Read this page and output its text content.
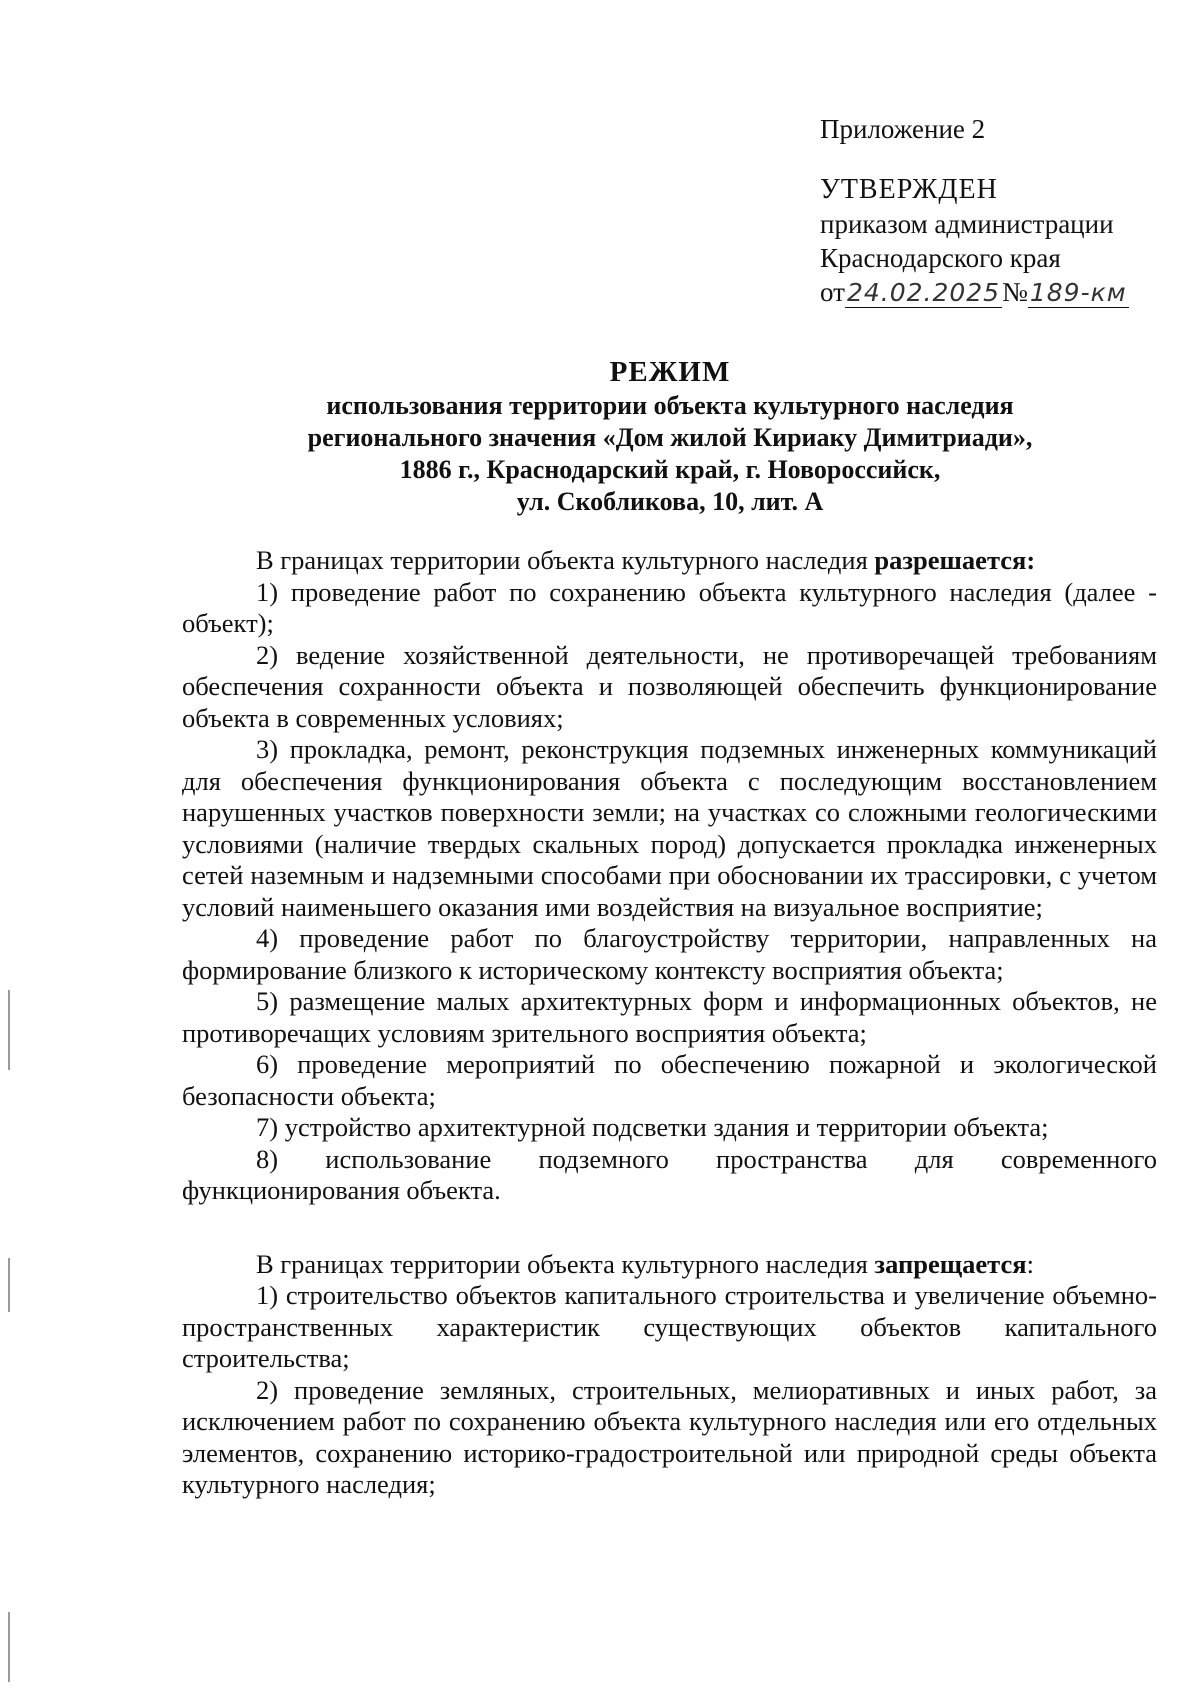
Приложение 2
УТВЕРЖДЕН
приказом администрации
Краснодарского края
от24.02.2025№189-км
РЕЖИМ
использования территории объекта культурного наследия
регионального значения «Дом жилой Кириаку Димитриади»,
1886 г., Краснодарский край, г. Новороссийск,
ул. Скобликова, 10, лит. А

В границах территории объекта культурного наследия разрешается:

1) проведение работ по сохранению объекта культурного наследия (далее - объект);

2) ведение хозяйственной деятельности, не противоречащей требованиям обеспечения сохранности объекта и позволяющей обеспечить функционирование объекта в современных условиях;

3) прокладка, ремонт, реконструкция подземных инженерных коммуникаций для обеспечения функционирования объекта с последующим восстановлением нарушенных участков поверхности земли; на участках со сложными геологическими условиями (наличие твердых скальных пород) допускается прокладка инженерных сетей наземным и надземными способами при обосновании их трассировки, с учетом условий наименьшего оказания ими воздействия на визуальное восприятие;

4) проведение работ по благоустройству территории, направленных на формирование близкого к историческому контексту восприятия объекта;

5) размещение малых архитектурных форм и информационных объектов, не противоречащих условиям зрительного восприятия объекта;

6) проведение мероприятий по обеспечению пожарной и экологической безопасности объекта;

7) устройство архитектурной подсветки здания и территории объекта;

8) использование подземного пространства для современного функционирования объекта.

В границах территории объекта культурного наследия запрещается:

1) строительство объектов капитального строительства и увеличение объемно-пространственных характеристик существующих объектов капитального строительства;

2) проведение земляных, строительных, мелиоративных и иных работ, за исключением работ по сохранению объекта культурного наследия или его отдельных элементов, сохранению историко-градостроительной или природной среды объекта культурного наследия;
